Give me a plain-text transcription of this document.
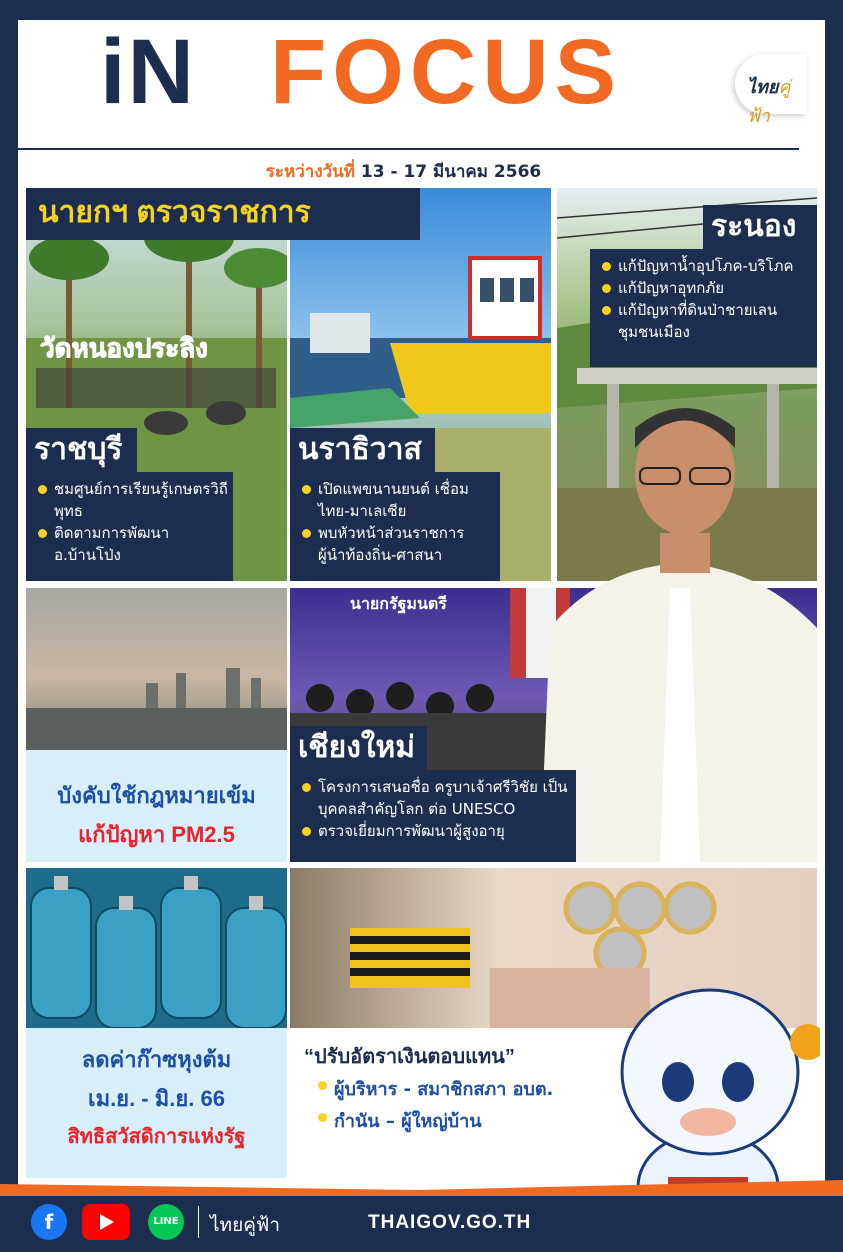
iN FOCUS	ไทยคู่ฟ้า
ระหว่างวันที่ 13 - 17 มีนาคม 2566
วัดหนองประลิง
นายกฯ ตรวจราชการ
ราชบุรี
ชมศูนย์การเรียนรู้เกษตรวิถีพุทธ
ติดตามการพัฒนา อ.บ้านโป่ง
นราธิวาส
เปิดแพขนานยนต์ เชื่อมไทย-มาเลเซีย
พบหัวหน้าส่วนราชการ ผู้นำท้องถิ่น-ศาสนา
ระนอง
แก้ปัญหาน้ำอุปโภค-บริโภค
แก้ปัญหาอุทกภัย
แก้ปัญหาที่ดินป่าชายเลน ชุมชนเมือง
บังคับใช้กฎหมายเข้ม
แก้ปัญหา PM2.5
นายกรัฐมนตรี
เชียงใหม่
โครงการเสนอชื่อ ครูบาเจ้าศรีวิชัย เป็นบุคคลสำคัญโลก ต่อ UNESCO
ตรวจเยี่ยมการพัฒนาผู้สูงอายุ
ลดค่าก๊าซหุงต้ม
เม.ย. - มิ.ย. 66
สิทธิสวัสดิการแห่งรัฐ
“ปรับอัตราเงินตอบแทน”
ผู้บริหาร - สมาชิกสภา อบต.
กำนัน – ผู้ใหญ่บ้าน
f	LINE ไทยคู่ฟ้า	THAIGOV.GO.TH
